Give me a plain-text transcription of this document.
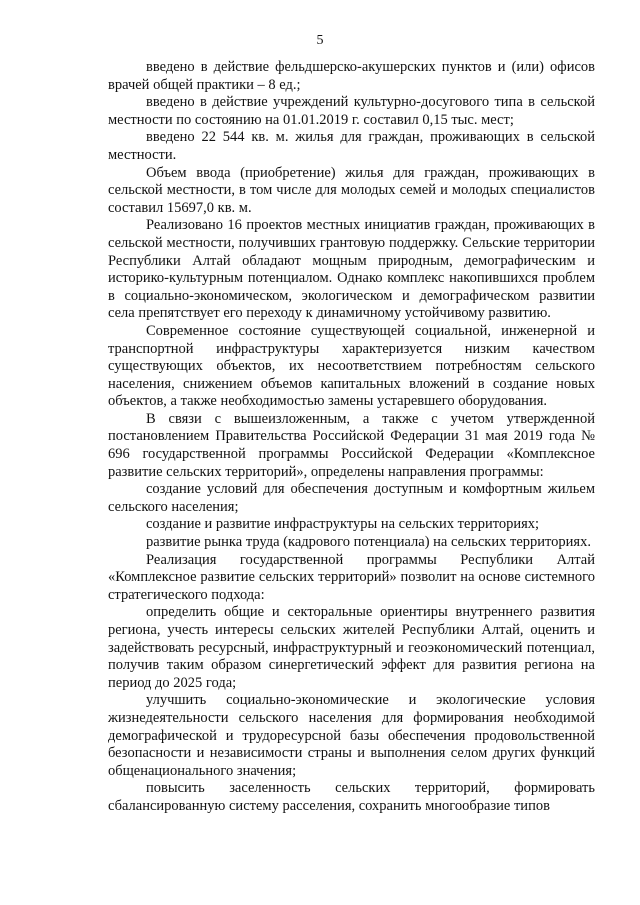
5

введено в действие фельдшерско-акушерских пунктов и (или) офисов врачей общей практики – 8 ед.;

введено в действие учреждений культурно-досугового типа в сельской местности по состоянию на 01.01.2019 г. составил 0,15 тыс. мест;

введено 22 544 кв. м. жилья для граждан, проживающих в сельской местности.

Объем ввода (приобретение) жилья для граждан, проживающих в сельской местности, в том числе для молодых семей и молодых специалистов составил 15697,0 кв. м.

Реализовано 16 проектов местных инициатив граждан, проживающих в сельской местности, получивших грантовую поддержку. Сельские территории Республики Алтай обладают мощным природным, демографическим и историко-культурным потенциалом. Однако комплекс накопившихся проблем в социально-экономическом, экологическом и демографическом развитии села препятствует его переходу к динамичному устойчивому развитию.

Современное состояние существующей социальной, инженерной и транспортной инфраструктуры характеризуется низким качеством существующих объектов, их несоответствием потребностям сельского населения, снижением объемов капитальных вложений в создание новых объектов, а также необходимостью замены устаревшего оборудования.

В связи с вышеизложенным, а также с учетом утвержденной постановлением Правительства Российской Федерации 31 мая 2019 года № 696 государственной программы Российской Федерации «Комплексное развитие сельских территорий», определены направления программы:

создание условий для обеспечения доступным и комфортным жильем сельского населения;

создание и развитие инфраструктуры на сельских территориях;

развитие рынка труда (кадрового потенциала) на сельских территориях.

Реализация государственной программы Республики Алтай «Комплексное развитие сельских территорий» позволит на основе системного стратегического подхода:

определить общие и секторальные ориентиры внутреннего развития региона, учесть интересы сельских жителей Республики Алтай, оценить и задействовать ресурсный, инфраструктурный и геоэкономический потенциал, получив таким образом синергетический эффект для развития региона на период до 2025 года;

улучшить социально-экономические и экологические условия жизнедеятельности сельского населения для формирования необходимой демографической и трудоресурсной базы обеспечения продовольственной безопасности и независимости страны и выполнения селом других функций общенационального значения;

повысить заселенность сельских территорий, формировать сбалансированную систему расселения, сохранить многообразие типов
